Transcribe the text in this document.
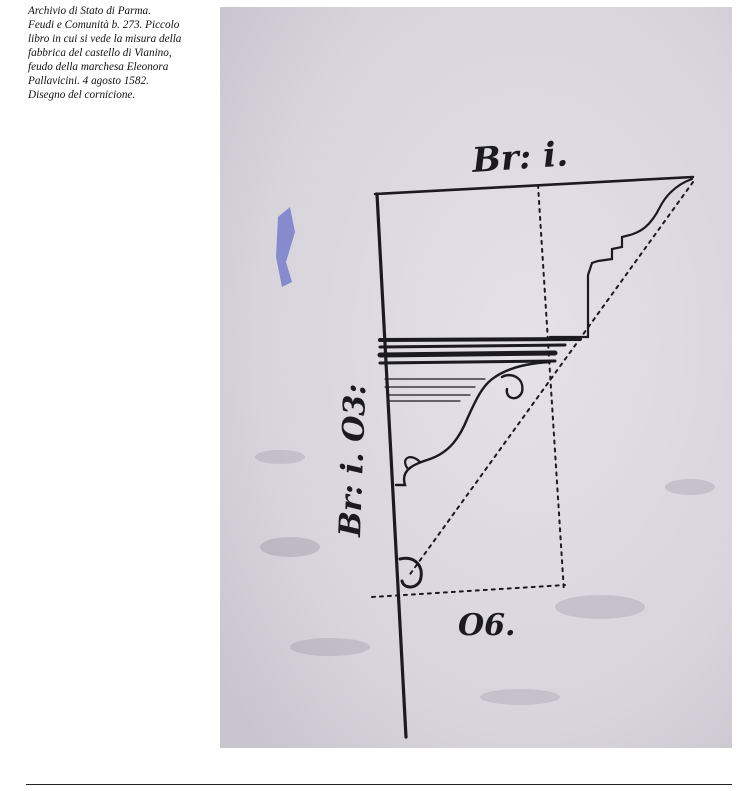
Archivio di Stato di Parma.
Feudi e Comunità b. 273. Piccolo
libro in cui si vede la misura della
fabbrica del castello di Vianino,
feudo della marchesa Eleonora
Pallavicini. 4 agosto 1582.
Disegno del cornicione.
Br: i.
Br: i. O3:
O6.
